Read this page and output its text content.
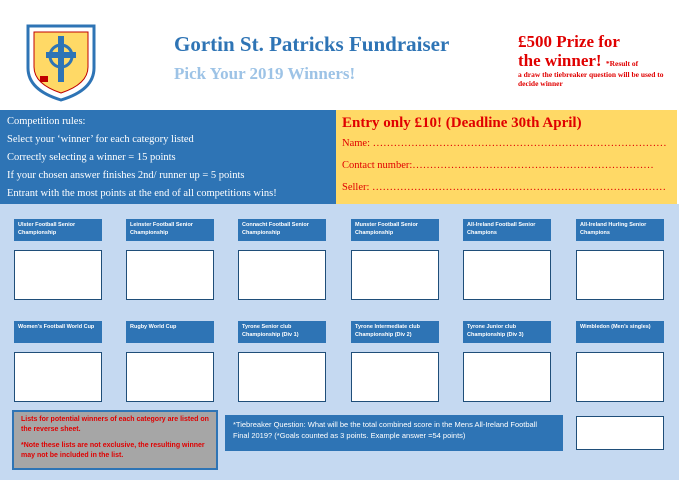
Gortin St. Patricks Fundraiser
Pick Your 2019 Winners!
£500 Prize for
the winner! *Result of
a draw the tiebreaker question will be used to decide winner
Competition rules:
Select your ‘winner’ for each category listed
Correctly selecting a winner = 15 points
If your chosen answer finishes 2nd/ runner up = 5 points
Entrant with the most points at the end of all competitions wins!
Entry only £10! (Deadline 30th April)
Name: …………………………………………………………………………
Contact number:……………………………………………………………
Seller: …………………………………………………………………………
Ulster Football Senior Championship
Leinster Football Senior Championship
Connacht Football Senior Championship
Munster Football Senior Championship
All-Ireland Football Senior Champions
All-Ireland Hurling Senior Champions
Women’s Football World Cup	Rugby World Cup	Tyrone Senior club Championship (Div 1)
Tyrone Intermediate club Championship (Div 2)
Tyrone Junior club Championship (Div 3)
Wimbledon (Men’s singles)

Lists for potential winners of each category are listed on the reverse sheet.

*Note these lists are not exclusive, the resulting winner may not be included in the list.

*Tiebreaker Question: What will be the total combined score in the Mens All-Ireland Football Final 2019? (*Goals counted as 3 points. Example answer =54 points)
